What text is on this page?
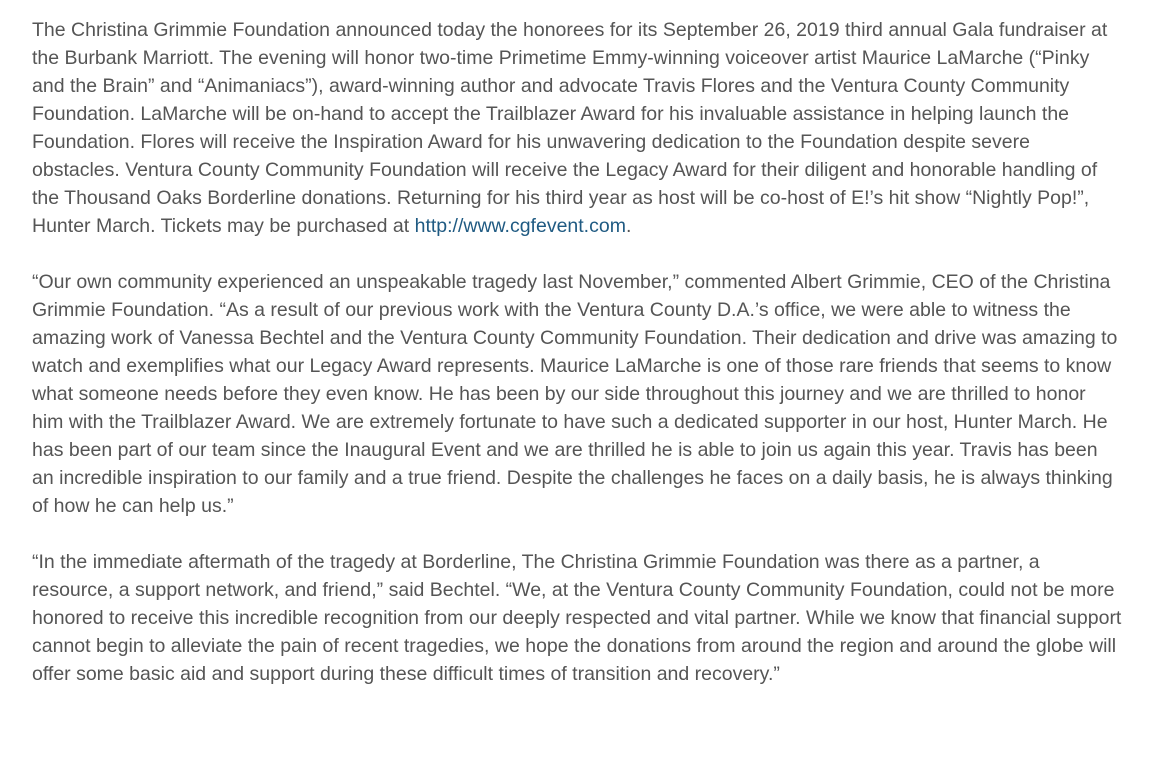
The Christina Grimmie Foundation announced today the honorees for its September 26, 2019 third annual Gala fundraiser at the Burbank Marriott. The evening will honor two-time Primetime Emmy-winning voiceover artist Maurice LaMarche (“Pinky and the Brain” and “Animaniacs”), award-winning author and advocate Travis Flores and the Ventura County Community Foundation. LaMarche will be on-hand to accept the Trailblazer Award for his invaluable assistance in helping launch the Foundation. Flores will receive the Inspiration Award for his unwavering dedication to the Foundation despite severe obstacles. Ventura County Community Foundation will receive the Legacy Award for their diligent and honorable handling of the Thousand Oaks Borderline donations. Returning for his third year as host will be co-host of E!’s hit show “Nightly Pop!”, Hunter March. Tickets may be purchased at http://www.cgfevent.com.

“Our own community experienced an unspeakable tragedy last November,” commented Albert Grimmie, CEO of the Christina Grimmie Foundation. “As a result of our previous work with the Ventura County D.A.’s office, we were able to witness the amazing work of Vanessa Bechtel and the Ventura County Community Foundation. Their dedication and drive was amazing to watch and exemplifies what our Legacy Award represents. Maurice LaMarche is one of those rare friends that seems to know what someone needs before they even know. He has been by our side throughout this journey and we are thrilled to honor him with the Trailblazer Award. We are extremely fortunate to have such a dedicated supporter in our host, Hunter March. He has been part of our team since the Inaugural Event and we are thrilled he is able to join us again this year. Travis has been an incredible inspiration to our family and a true friend. Despite the challenges he faces on a daily basis, he is always thinking of how he can help us.”

“In the immediate aftermath of the tragedy at Borderline, The Christina Grimmie Foundation was there as a partner, a resource, a support network, and friend,” said Bechtel. “We, at the Ventura County Community Foundation, could not be more honored to receive this incredible recognition from our deeply respected and vital partner. While we know that financial support cannot begin to alleviate the pain of recent tragedies, we hope the donations from around the region and around the globe will offer some basic aid and support during these difficult times of transition and recovery.”
